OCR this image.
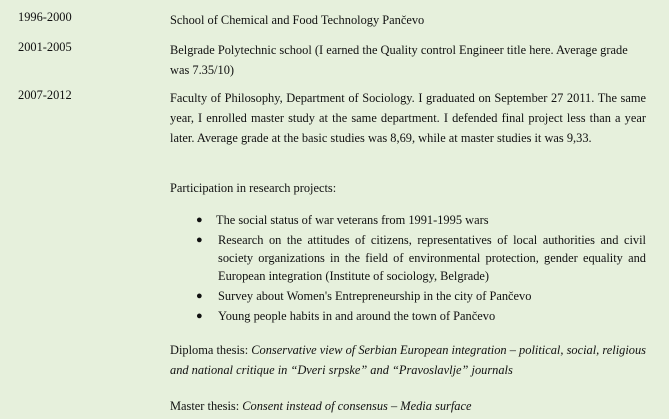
1996-2000	School of Chemical and Food Technology Pančevo
2001-2005	Belgrade Polytechnic school (I earned the Quality control Engineer title here. Average grade was 7.35/10)
2007-2012	Faculty of Philosophy, Department of Sociology. I graduated on September 27 2011. The same year, I enrolled master study at the same department. I defended final project less than a year later. Average grade at the basic studies was 8,69, while at master studies it was 9,33.
Participation in research projects:
● The social status of war veterans from 1991-1995 wars
● Research on the attitudes of citizens, representatives of local authorities and civil society organizations in the field of environmental protection, gender equality and European integration (Institute of sociology, Belgrade)
● Survey about Women's Entrepreneurship in the city of Pančevo
● Young people habits in and around the town of Pančevo
Diploma thesis: Conservative view of Serbian European integration – political, social, religious and national critique in “Dveri srpske” and “Pravoslavlje” journals
Master thesis: Consent instead of consensus – Media surface
